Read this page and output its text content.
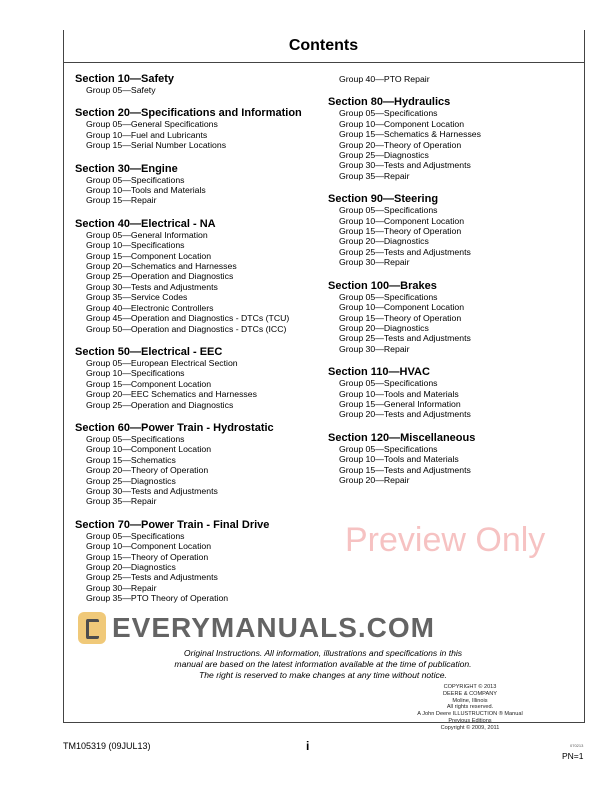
Contents
Section 10—Safety
Group 05—Safety
Section 20—Specifications and Information
Group 05—General Specifications
Group 10—Fuel and Lubricants
Group 15—Serial Number Locations
Section 30—Engine
Group 05—Specifications
Group 10—Tools and Materials
Group 15—Repair
Section 40—Electrical - NA
Group 05—General Information
Group 10—Specifications
Group 15—Component Location
Group 20—Schematics and Harnesses
Group 25—Operation and Diagnostics
Group 30—Tests and Adjustments
Group 35—Service Codes
Group 40—Electronic Controllers
Group 45—Operation and Diagnostics - DTCs (TCU)
Group 50—Operation and Diagnostics - DTCs (ICC)
Section 50—Electrical - EEC
Group 05—European Electrical Section
Group 10—Specifications
Group 15—Component Location
Group 20—EEC Schematics and Harnesses
Group 25—Operation and Diagnostics
Section 60—Power Train - Hydrostatic
Group 05—Specifications
Group 10—Component Location
Group 15—Schematics
Group 20—Theory of Operation
Group 25—Diagnostics
Group 30—Tests and Adjustments
Group 35—Repair
Section 70—Power Train - Final Drive
Group 05—Specifications
Group 10—Component Location
Group 15—Theory of Operation
Group 20—Diagnostics
Group 25—Tests and Adjustments
Group 30—Repair
Group 35—PTO Theory of Operation
Group 40—PTO Repair
Section 80—Hydraulics
Group 05—Specifications
Group 10—Component Location
Group 15—Schematics & Harnesses
Group 20—Theory of Operation
Group 25—Diagnostics
Group 30—Tests and Adjustments
Group 35—Repair
Section 90—Steering
Group 05—Specifications
Group 10—Component Location
Group 15—Theory of Operation
Group 20—Diagnostics
Group 25—Tests and Adjustments
Group 30—Repair
Section 100—Brakes
Group 05—Specifications
Group 10—Component Location
Group 15—Theory of Operation
Group 20—Diagnostics
Group 25—Tests and Adjustments
Group 30—Repair
Section 110—HVAC
Group 05—Specifications
Group 10—Tools and Materials
Group 15—General Information
Group 20—Tests and Adjustments
Section 120—Miscellaneous
Group 05—Specifications
Group 10—Tools and Materials
Group 15—Tests and Adjustments
Group 20—Repair
Preview Only
EVERYMANUALS.COM
Original Instructions. All information, illustrations and specifications in this
manual are based on the latest information available at the time of publication.
The right is reserved to make changes at any time without notice.
COPYRIGHT © 2013
DEERE & COMPANY
Moline, Illinois
All rights reserved.
A John Deere ILLUSTRUCTION ® Manual
Previous Editions
Copyright © 2009, 2011
TM105319 (09JUL13)	i	070213
PN=1
